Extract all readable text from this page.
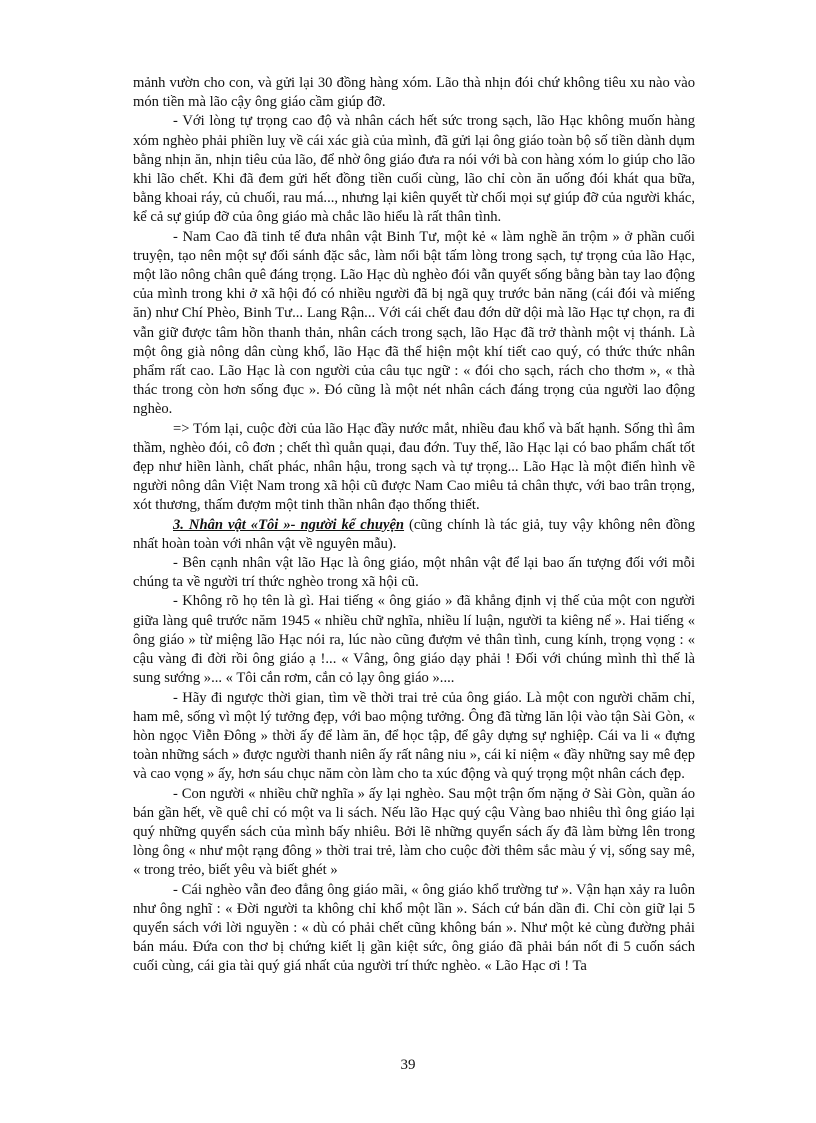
mảnh vườn cho con, và gửi lại 30 đồng hàng xóm. Lão thà nhịn đói chứ không tiêu xu nào vào món tiền mà lão cậy ông giáo cầm giúp đỡ.

- Với lòng tự trọng cao độ và nhân cách hết sức trong sạch, lão Hạc không muốn hàng xóm nghèo phải phiền luỵ về cái xác già của mình, đã gửi lại ông giáo toàn bộ số tiền dành dụm bằng nhịn ăn, nhịn tiêu của lão, để nhờ ông giáo đưa ra nói với bà con hàng xóm lo giúp cho lão khi lão chết. Khi đã đem gửi hết đồng tiền cuối cùng, lão chỉ còn ăn uống đói khát qua bữa, bằng khoai ráy, củ chuối, rau má..., nhưng lại kiên quyết từ chối mọi sự giúp đỡ của người khác, kể cả sự giúp đỡ của ông giáo mà chắc lão hiểu là rất thân tình.

- Nam Cao đã tinh tế đưa nhân vật Binh Tư, một kẻ « làm nghề ăn trộm » ở phần cuối truyện, tạo nên một sự đối sánh đặc sắc, làm nổi bật tấm lòng trong sạch, tự trọng của lão Hạc, một lão nông chân quê đáng trọng. Lão Hạc dù nghèo đói vẫn quyết sống bằng bàn tay lao động của mình trong khi ở xã hội đó có nhiều người đã bị ngã quỵ trước bản năng (cái đói và miếng ăn) như Chí Phèo, Binh Tư... Lang Rận... Với cái chết đau đớn dữ dội mà lão Hạc tự chọn, ra đi vẫn giữ được tâm hồn thanh thản, nhân cách trong sạch, lão Hạc đã trở thành một vị thánh. Là một ông già nông dân cùng khổ, lão Hạc đã thể hiện một khí tiết cao quý, có thức thức nhân phẩm rất cao. Lão Hạc là con người của câu tục ngữ : « đói cho sạch, rách cho thơm », « thà thác trong còn hơn sống đục ». Đó cũng là một nét nhân cách đáng trọng của người lao động nghèo.

=> Tóm lại, cuộc đời của lão Hạc đầy nước mắt, nhiều đau khổ và bất hạnh. Sống thì âm thầm, nghèo đói, cô đơn ; chết thì quằn quại, đau đớn. Tuy thế, lão Hạc lại có bao phẩm chất tốt đẹp như hiền lành, chất phác, nhân hậu, trong sạch và tự trọng... Lão Hạc là một điển hình về người nông dân Việt Nam trong xã hội cũ được Nam Cao miêu tả chân thực, với bao trân trọng, xót thương, thấm đượm một tinh thần nhân đạo thống thiết.

3. Nhân vật «Tôi »- người kể chuyện (cũng chính là tác giả, tuy vậy không nên đồng nhất hoàn toàn với nhân vật về nguyên mẫu).

- Bên cạnh nhân vật lão Hạc là ông giáo, một nhân vật để lại bao ấn tượng đối với mỗi chúng ta về người trí thức nghèo trong xã hội cũ.

- Không rõ họ tên là gì. Hai tiếng « ông giáo » đã khẳng định vị thế của một con người giữa làng quê trước năm 1945 « nhiều chữ nghĩa, nhiều lí luận, người ta kiêng nể ». Hai tiếng « ông giáo » từ miệng lão Hạc nói ra, lúc nào cũng đượm vẻ thân tình, cung kính, trọng vọng : « cậu vàng đi đời rồi ông giáo ạ !... « Vâng, ông giáo dạy phải ! Đối với chúng mình thì thế là sung sướng »... « Tôi cắn rơm, cắn cỏ lạy ông giáo »....

- Hãy đi ngược thời gian, tìm về thời trai trẻ của ông giáo. Là một con người chăm chỉ, ham mê, sống vì một lý tưởng đẹp, với bao mộng tưởng. Ông đã từng lăn lội vào tận Sài Gòn, « hòn ngọc Viễn Đông » thời ấy để làm ăn, để học tập, để gây dựng sự nghiệp. Cái va li « đựng toàn những sách » được người thanh niên ấy rất nâng niu », cái kỉ niệm « đầy những say mê đẹp và cao vọng » ấy, hơn sáu chục năm còn làm cho ta xúc động và quý trọng một nhân cách đẹp.

- Con người « nhiều chữ nghĩa » ấy lại nghèo. Sau một trận ốm nặng ở Sài Gòn, quần áo bán gần hết, về quê chỉ có một va li sách. Nếu lão Hạc quý cậu Vàng bao nhiêu thì ông giáo lại quý những quyển sách của mình bấy nhiêu. Bởi lẽ những quyển sách ấy đã làm bừng lên trong lòng ông « như một rạng đông » thời trai trẻ, làm cho cuộc đời thêm sắc màu ý vị, sống say mê, « trong trẻo, biết yêu và biết ghét »

- Cái nghèo vẫn đeo đẳng ông giáo mãi, « ông giáo khổ trường tư ». Vận hạn xảy ra luôn như ông nghĩ : « Đời người ta không chỉ khổ một lần ». Sách cứ bán dần đi. Chỉ còn giữ lại 5 quyển sách với lời nguyền : « dù có phải chết cũng không bán ». Như một kẻ cùng đường phải bán máu. Đứa con thơ bị chứng kiết lị gần kiệt sức, ông giáo đã phải bán nốt đi 5 cuốn sách cuối cùng, cái gia tài quý giá nhất của người trí thức nghèo. « Lão Hạc ơi ! Ta

39
